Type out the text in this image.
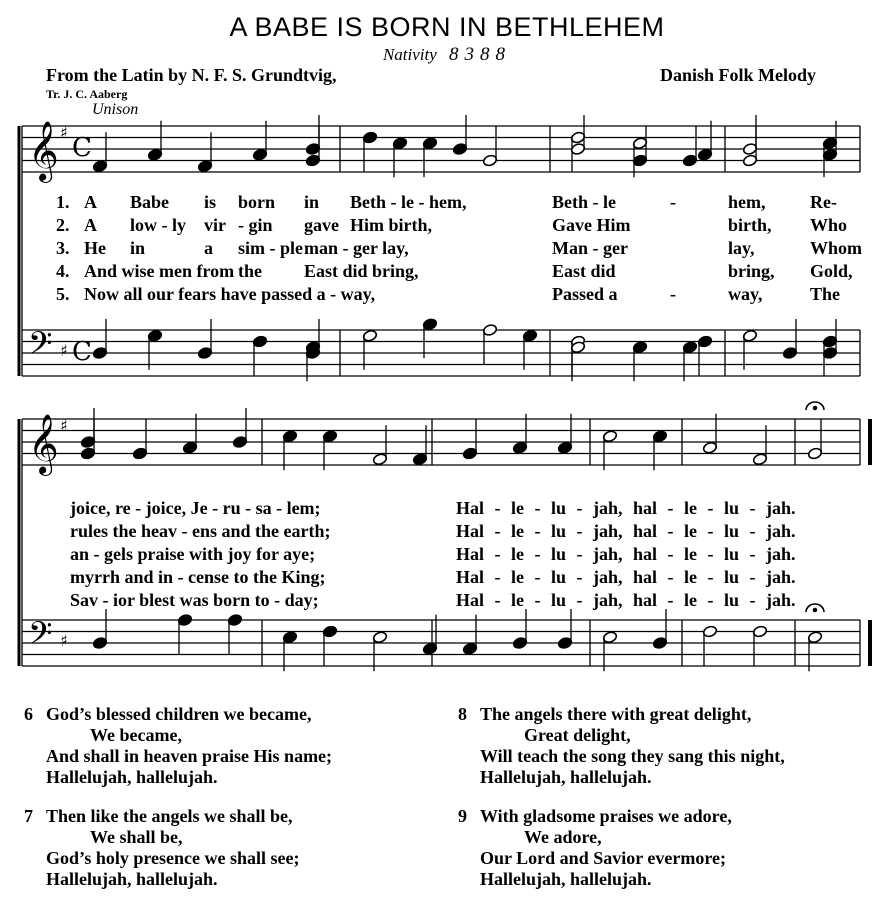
A BABE IS BORN IN BETHLEHEM
Nativity 8388
From the Latin by N. F. S. Grundtvig,	Danish Folk Melody
Tr. J. C. Aaberg
Unison
𝄞 ♯
C
𝄢 ♯ C
𝄞 ♯
𝄢 ♯
1. A Babe is born in Beth - le - hem,	Beth - le	-	hem, Re-
2. A low - ly vir - gin gave Him birth,	Gave Him	birth, Who
3. He in	a sim - ple man - ger lay,	Man - ger	lay,	Whom
4. And wise men from the East did bring,	East did	bring, Gold,
5. Now all our fears have passed a - way,	Passed a	-	way,	The
joice, re - joice, Je - ru - sa - lem;	Hal - le - lu - jah, hal - le - lu - jah.
rules the heav - ens and the earth;	Hal - le - lu - jah, hal - le - lu - jah.
an - gels praise with joy for aye;	Hal - le - lu - jah, hal - le - lu - jah.
myrrh and in - cense to the King;	Hal - le - lu - jah, hal - le - lu - jah.
Sav - ior blest was born to - day;	Hal - le - lu - jah, hal - le - lu - jah.
6 God’s blessed children we became,
We became,
And shall in heaven praise His name;
Hallelujah, hallelujah.
7 Then like the angels we shall be,
We shall be,
God’s holy presence we shall see;
Hallelujah, hallelujah.
8 The angels there with great delight,
Great delight,
Will teach the song they sang this night,
Hallelujah, hallelujah.
9 With gladsome praises we adore,
We adore,
Our Lord and Savior evermore;
Hallelujah, hallelujah.
